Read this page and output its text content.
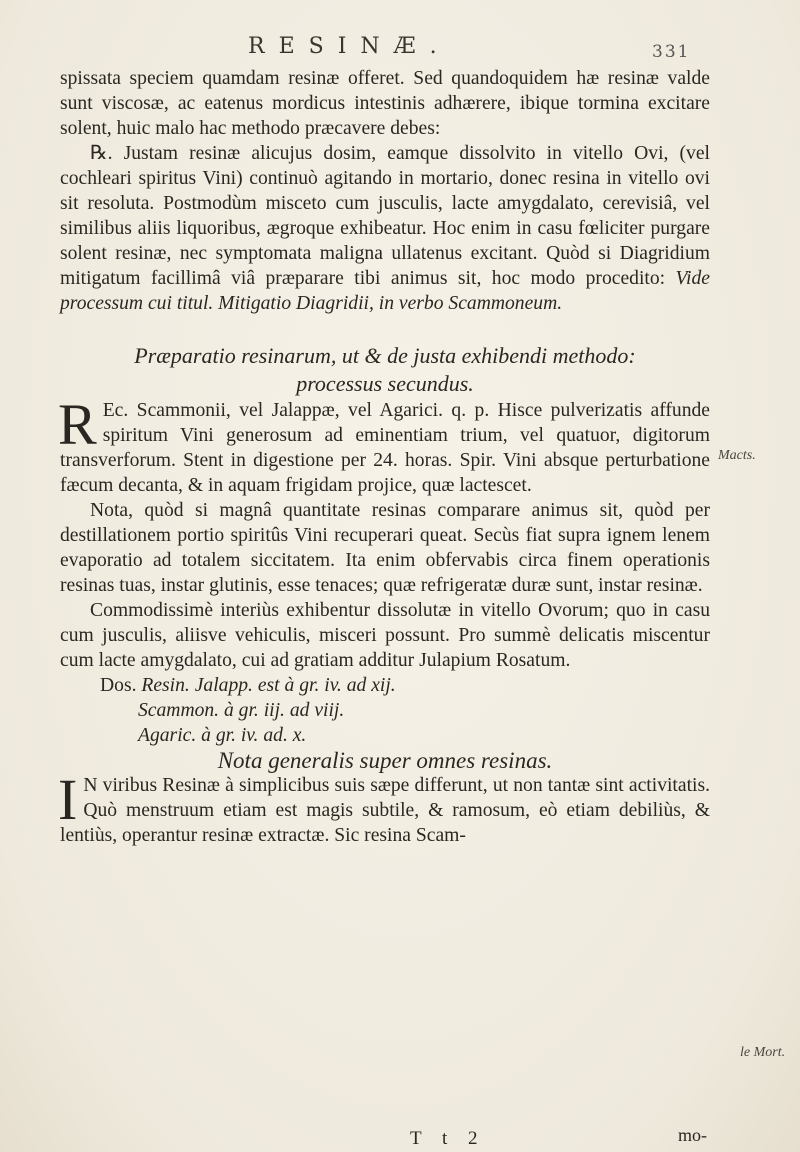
RESINÆ.	331

spissata speciem quamdam resinæ offeret. Sed quandoquidem hæ resinæ valde sunt viscosæ, ac eatenus mordicus intestinis adhærere, ibique tormina excitare solent, huic malo hac methodo præcavere debes:

℞. Justam resinæ alicujus dosim, eamque dissolvito in vitello Ovi, (vel cochleari spiritus Vini) continuò agitando in mortario, donec resina in vitello ovi sit resoluta. Postmodùm misceto cum jusculis, lacte amygdalato, cerevisiâ, vel similibus aliis liquoribus, ægroque exhibeatur. Hoc enim in casu fœliciter purgare solent resinæ, nec symptomata maligna ullatenus excitant. Quòd si Diagridium mitigatum facillimâ viâ præparare tibi animus sit, hoc modo procedito: Vide processum cui titul. Mitigatio Diagridii, in verbo Scammoneum.

Præparatio resinarum, ut & de justa exhibendi methodo:

processus secundus.

R Ec. Scammonii, vel Jalappæ, vel Agarici. q. p. Hisce pulverizatis affunde spiritum Vini generosum ad eminentiam trium, vel quatuor, digitorum transverforum. Stent in digestione per 24. horas. Spir. Vini absque perturbatione fæcum decanta, & in aquam frigidam projice, quæ lactescet.

Nota, quòd si magnâ quantitate resinas comparare animus sit, quòd per destillationem portio spiritûs Vini recuperari queat. Secùs fiat supra ignem lenem evaporatio ad totalem siccitatem. Ita enim obfervabis circa finem operationis resinas tuas, instar glutinis, esse tenaces; quæ refrigeratæ duræ sunt, instar resinæ.

Commodissimè interiùs exhibentur dissolutæ in vitello Ovorum; quo in casu cum jusculis, aliisve vehiculis, misceri possunt. Pro summè delicatis miscentur cum lacte amygdalato, cui ad gratiam additur Julapium Rosatum.

Dos. Resin. Jalapp. est à gr. iv. ad xij.
Scammon. à gr. iij. ad viij.
Agaric. à gr. iv. ad. x.

Nota generalis super omnes resinas.

I N viribus Resinæ à simplicibus suis sæpe differunt, ut non tantæ sint activitatis. Quò menstruum etiam est magis subtile, & ramosum, eò etiam debiliùs, & lentiùs, operantur resinæ extractæ. Sic resina Scam-

Macts.
le Mort.
T t 2	mo-
